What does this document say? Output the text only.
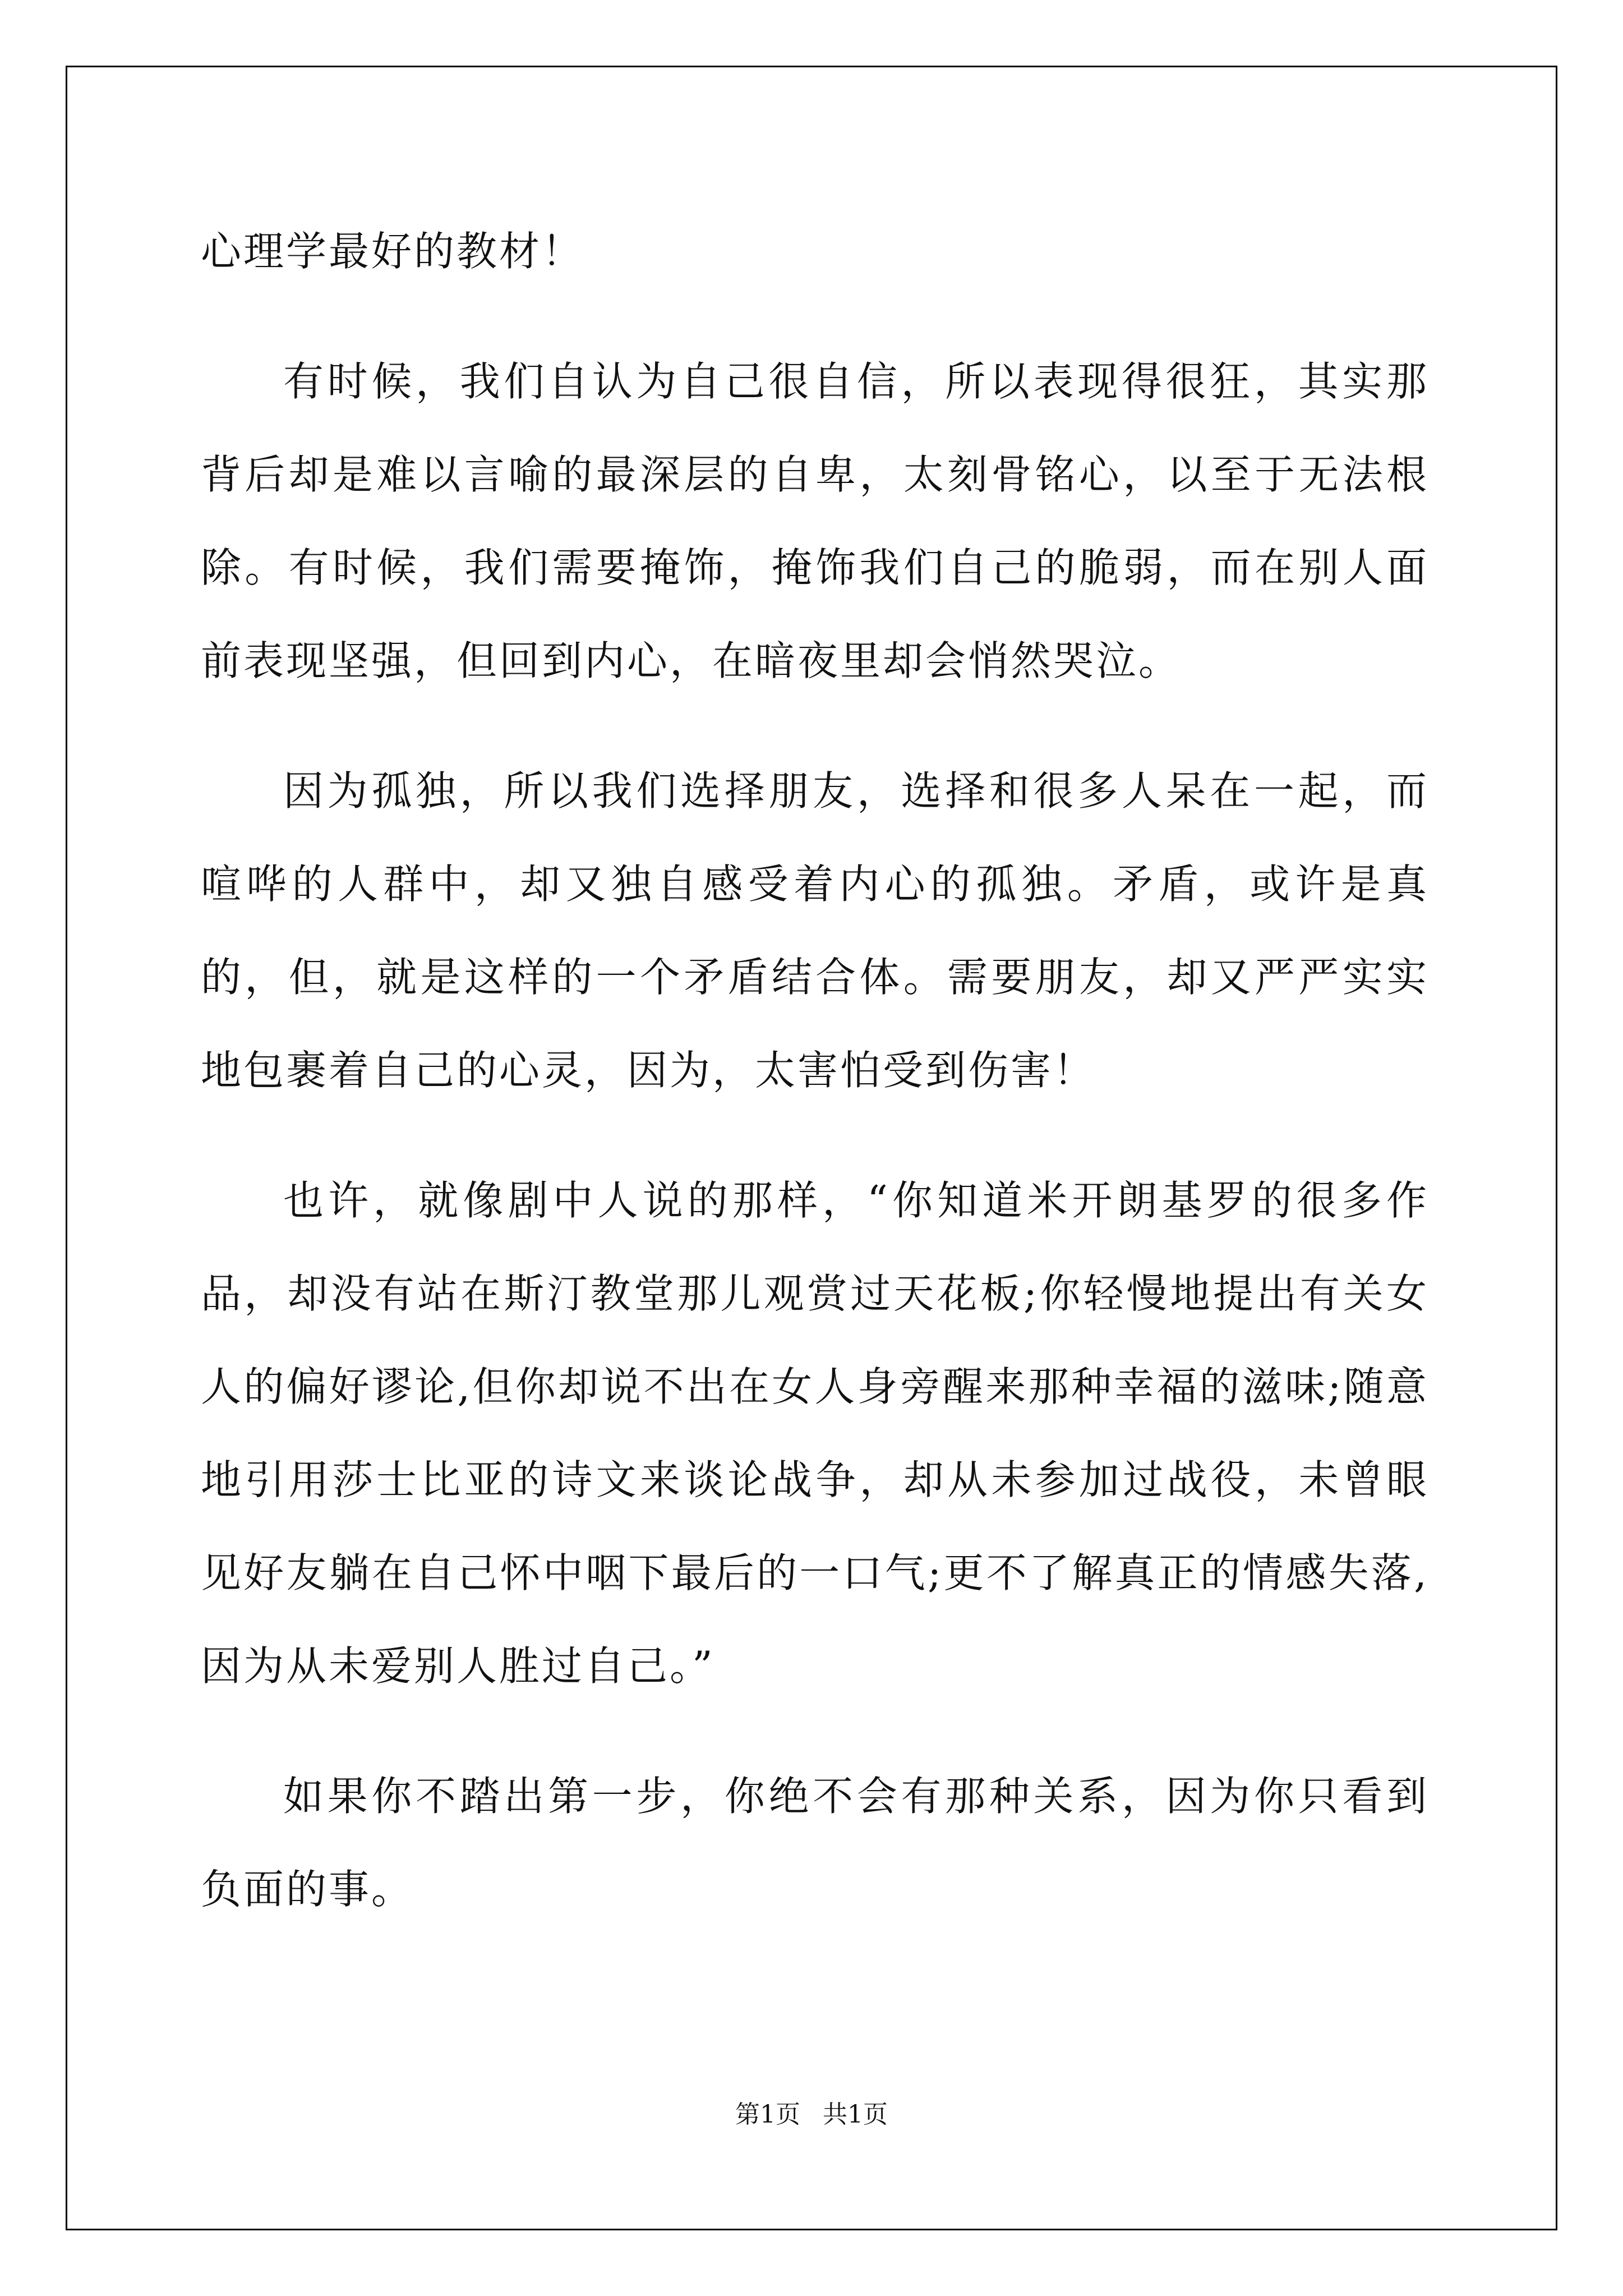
心理学最好的教材！

有时候，我们自认为自己很自信，所以表现得很狂，其实那背后却是难以言喻的最深层的自卑，太刻骨铭心，以至于无法根除。有时候，我们需要掩饰，掩饰我们自己的脆弱，而在别人面前表现坚强，但回到内心，在暗夜里却会悄然哭泣。

因为孤独，所以我们选择朋友，选择和很多人呆在一起，而喧哗的人群中，却又独自感受着内心的孤独。矛盾，或许是真的，但，就是这样的一个矛盾结合体。需要朋友，却又严严实实地包裹着自己的心灵，因为，太害怕受到伤害！

也许，就像剧中人说的那样，“你知道米开朗基罗的很多作品，却没有站在斯汀教堂那儿观赏过天花板;你轻慢地提出有关女人的偏好谬论,但你却说不出在女人身旁醒来那种幸福的滋味;随意地引用莎士比亚的诗文来谈论战争，却从未参加过战役，未曾眼见好友躺在自己怀中咽下最后的一口气;更不了解真正的情感失落,因为从未爱别人胜过自己。”

如果你不踏出第一步，你绝不会有那种关系，因为你只看到负面的事。

第1页 共1页
